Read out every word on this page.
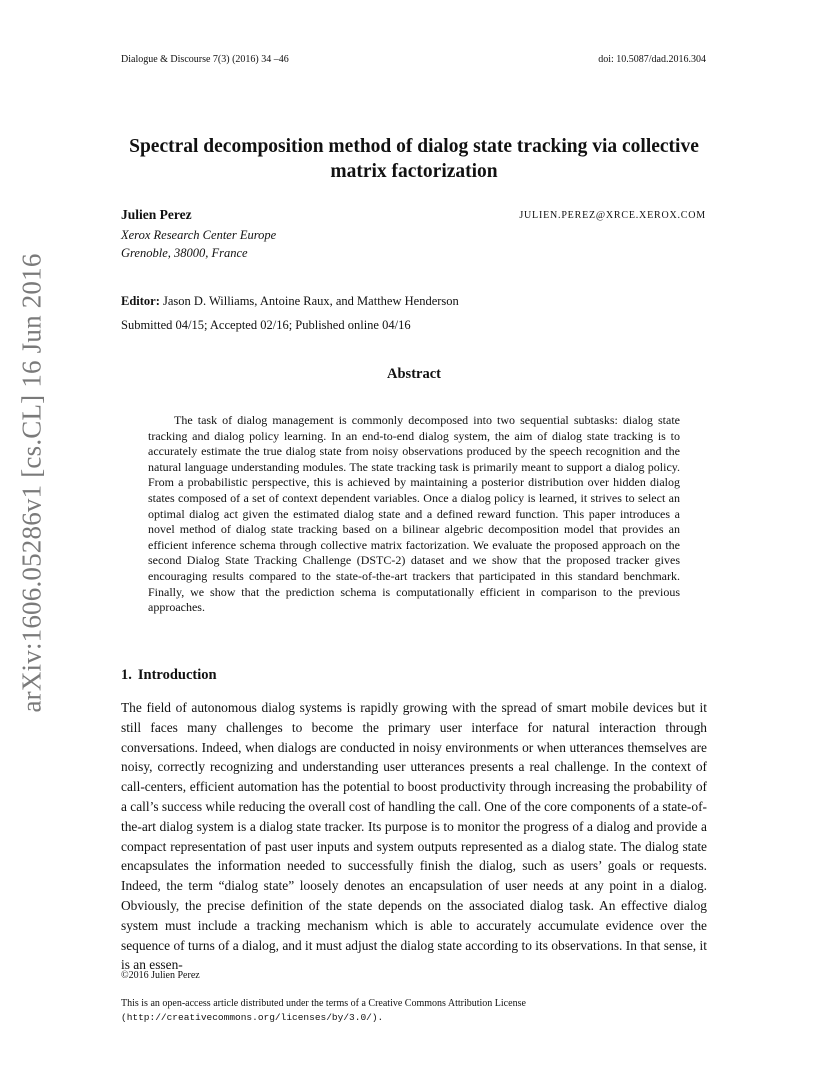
Dialogue & Discourse 7(3) (2016) 34 –46	doi: 10.5087/dad.2016.304
arXiv:1606.05286v1 [cs.CL] 16 Jun 2016
Spectral decomposition method of dialog state tracking via collective matrix factorization
Julien Perez	JULIEN.PEREZ@XRCE.XEROX.COM
Xerox Research Center Europe
Grenoble, 38000, France
Editor: Jason D. Williams, Antoine Raux, and Matthew Henderson
Submitted 04/15; Accepted 02/16; Published online 04/16
Abstract

The task of dialog management is commonly decomposed into two sequential subtasks: dialog state tracking and dialog policy learning. In an end-to-end dialog system, the aim of dialog state tracking is to accurately estimate the true dialog state from noisy observations produced by the speech recognition and the natural language understanding modules. The state tracking task is primarily meant to support a dialog policy. From a probabilistic perspective, this is achieved by maintaining a posterior distribution over hidden dialog states composed of a set of context dependent variables. Once a dialog policy is learned, it strives to select an optimal dialog act given the estimated dialog state and a defined reward function. This paper introduces a novel method of dialog state tracking based on a bilinear algebric decomposition model that provides an efficient inference schema through collective matrix factorization. We evaluate the proposed approach on the second Dialog State Tracking Challenge (DSTC-2) dataset and we show that the proposed tracker gives encouraging results compared to the state-of-the-art trackers that participated in this standard benchmark. Finally, we show that the prediction schema is computationally efficient in comparison to the previous approaches.

1. Introduction

The field of autonomous dialog systems is rapidly growing with the spread of smart mobile devices but it still faces many challenges to become the primary user interface for natural interaction through conversations. Indeed, when dialogs are conducted in noisy environments or when utterances themselves are noisy, correctly recognizing and understanding user utterances presents a real challenge. In the context of call-centers, efficient automation has the potential to boost productivity through increasing the probability of a call’s success while reducing the overall cost of handling the call. One of the core components of a state-of-the-art dialog system is a dialog state tracker. Its purpose is to monitor the progress of a dialog and provide a compact representation of past user inputs and system outputs represented as a dialog state. The dialog state encapsulates the information needed to successfully finish the dialog, such as users’ goals or requests. Indeed, the term “dialog state” loosely denotes an encapsulation of user needs at any point in a dialog. Obviously, the precise definition of the state depends on the associated dialog task. An effective dialog system must include a tracking mechanism which is able to accurately accumulate evidence over the sequence of turns of a dialog, and it must adjust the dialog state according to its observations. In that sense, it is an essen-

©2016 Julien Perez
This is an open-access article distributed under the terms of a Creative Commons Attribution License
(http://creativecommons.org/licenses/by/3.0/).
